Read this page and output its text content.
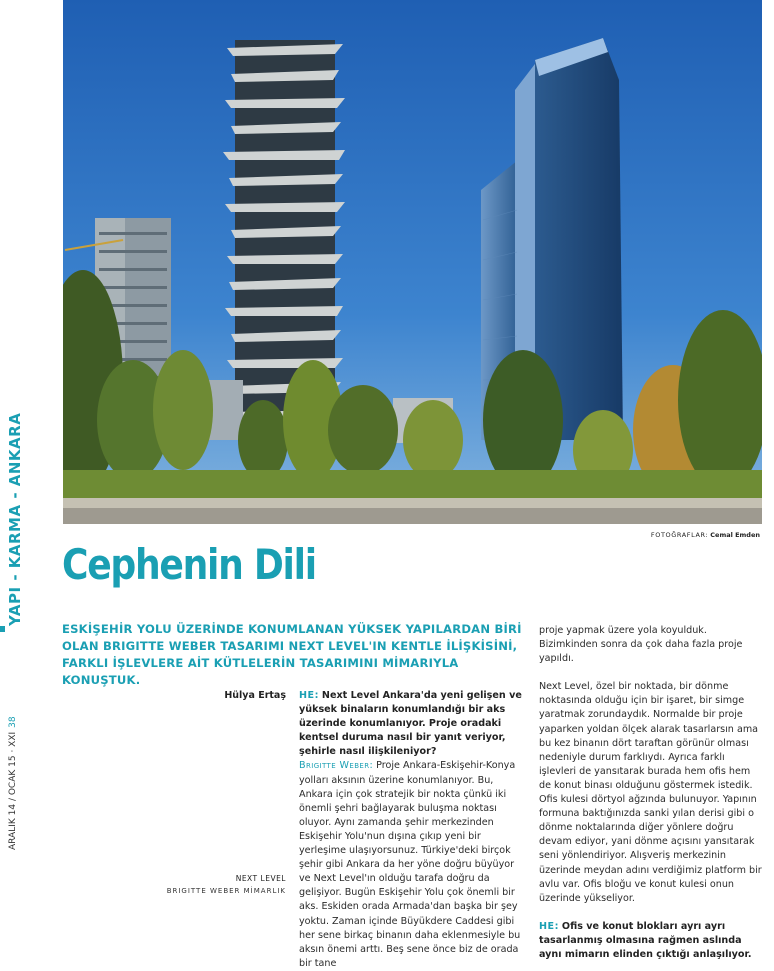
YAPI - KARMA - ANKARA
ARALIK 14 / OCAK 15 · XXI38
FOTOĞRAFLAR: Cemal Emden
Cephenin Dili
ESKİŞEHİR YOLU ÜZERİNDE KONUMLANAN YÜKSEK YAPILARDAN BİRİ OLAN BRIGITTE WEBER TASARIMI NEXT LEVEL'IN KENTLE İLİŞKİSİNİ, FARKLI İŞLEVLERE AİT KÜTLELERİN TASARIMINI MİMARIYLA KONUŞTUK.
Hülya Ertaş
NEXT LEVEL
BRIGITTE WEBER MİMARLIK

HE: Next Level Ankara'da yeni gelişen ve yüksek binaların konumlandığı bir aks üzerinde konumlanıyor. Proje oradaki kentsel duruma nasıl bir yanıt veriyor, şehirle nasıl ilişkileniyor?

Brigitte Weber: Proje Ankara-Eskişehir-Konya yolları aksının üzerine konumlanıyor. Bu, Ankara için çok stratejik bir nokta çünkü iki önemli şehri bağlayarak buluşma noktası oluyor. Aynı zamanda şehir merkezinden Eskişehir Yolu'nun dışına çıkıp yeni bir yerleşime ulaşıyorsunuz. Türkiye'deki birçok şehir gibi Ankara da her yöne doğru büyüyor ve Next Level'ın olduğu tarafa doğru da gelişiyor. Bugün Eskişehir Yolu çok önemli bir aks. Eskiden orada Armada'dan başka bir şey yoktu. Zaman içinde Büyükdere Caddesi gibi her sene birkaç binanın daha eklenmesiyle bu aksın önemi arttı. Beş sene önce biz de orada bir tane

proje yapmak üzere yola koyulduk. Bizimkinden sonra da çok daha fazla proje yapıldı.

Next Level, özel bir noktada, bir dönme noktasında olduğu için bir işaret, bir simge yaratmak zorundaydık. Normalde bir proje yaparken yoldan ölçek alarak tasarlarsın ama bu kez binanın dört taraftan görünür olması nedeniyle durum farklıydı. Ayrıca farklı işlevleri de yansıtarak burada hem ofis hem de konut binası olduğunu göstermek istedik. Ofis kulesi dörtyol ağzında bulunuyor. Yapının formuna baktığınızda sanki yılan derisi gibi o dönme noktalarında diğer yönlere doğru devam ediyor, yani dönme açısını yansıtarak seni yönlendiriyor. Alışveriş merkezinin üzerinde meydan adını verdiğimiz platform bir avlu var. Ofis bloğu ve konut kulesi onun üzerinde yükseliyor.

HE: Ofis ve konut blokları ayrı ayrı tasarlanmış olmasına rağmen aslında aynı mimarın elinden çıktığı anlaşılıyor.
